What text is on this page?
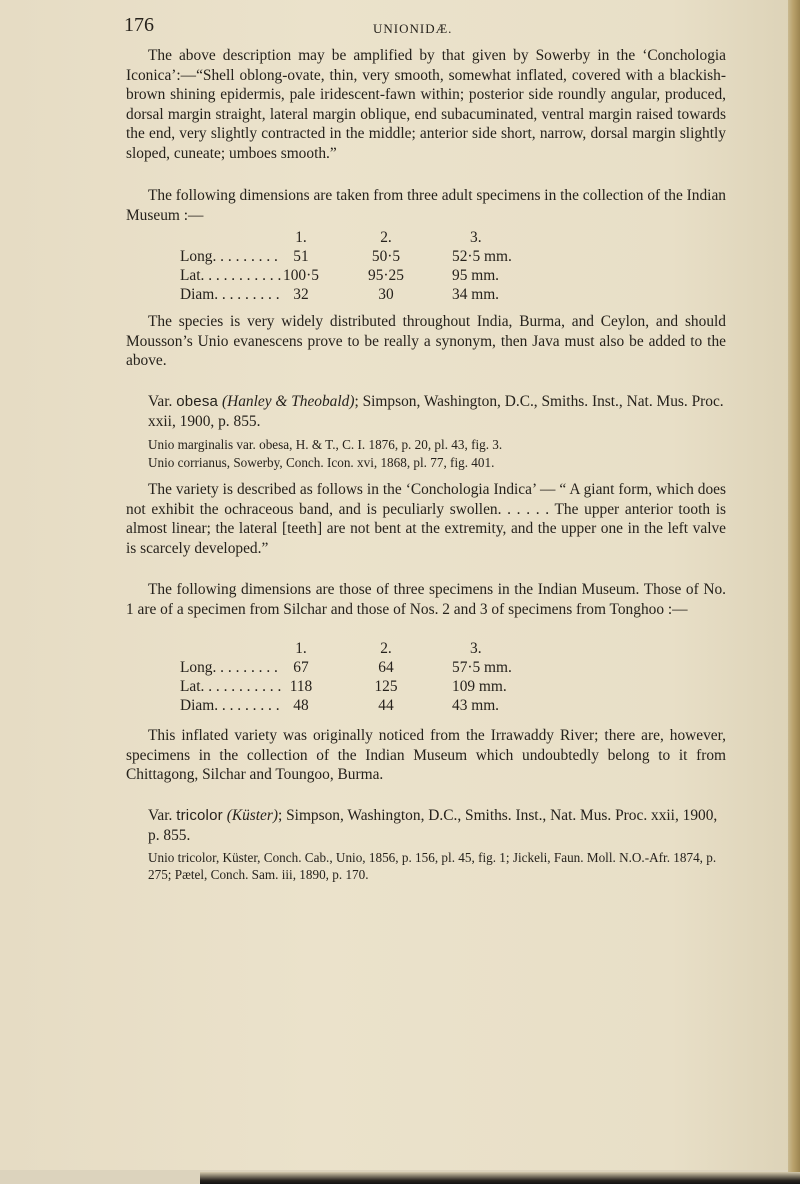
176	UNIONIDÆ.

The above description may be amplified by that given by Sowerby in the ‘Conchologia Iconica’:—“Shell oblong-ovate, thin, very smooth, somewhat inflated, covered with a blackish-brown shining epidermis, pale iridescent-fawn within; posterior side roundly angular, produced, dorsal margin straight, lateral margin oblique, end subacuminated, ventral margin raised towards the end, very slightly contracted in the middle; anterior side short, narrow, dorsal margin slightly sloped, cuneate; umboes smooth.”

The following dimensions are taken from three adult specimens in the collection of the Indian Museum :—

1.	2.	3.
Long. . . . . . . . . 51	50·5	52·5 mm.
Lat. . . . . . . . . . . 100·5	95·25	95 mm.
Diam. . . . . . . . . 32	30	34 mm.

The species is very widely distributed throughout India, Burma, and Ceylon, and should Mousson’s Unio evanescens prove to be really a synonym, then Java must also be added to the above.

Var. obesa (Hanley & Theobald); Simpson, Washington, D.C., Smiths. Inst., Nat. Mus. Proc. xxii, 1900, p. 855.

Unio marginalis var. obesa, H. & T., C. I. 1876, p. 20, pl. 43, fig. 3.

Unio corrianus, Sowerby, Conch. Icon. xvi, 1868, pl. 77, fig. 401.

The variety is described as follows in the ‘Conchologia Indica’ — “ A giant form, which does not exhibit the ochraceous band, and is peculiarly swollen. . . . . . The upper anterior tooth is almost linear; the lateral [teeth] are not bent at the extremity, and the upper one in the left valve is scarcely developed.”

The following dimensions are those of three specimens in the Indian Museum. Those of No. 1 are of a specimen from Silchar and those of Nos. 2 and 3 of specimens from Tonghoo :—

1.	2.	3.
Long. . . . . . . . . 67	64	57·5 mm.
Lat. . . . . . . . . . . 118	125	109 mm.
Diam. . . . . . . . . 48	44	43 mm.

This inflated variety was originally noticed from the Irrawaddy River; there are, however, specimens in the collection of the Indian Museum which undoubtedly belong to it from Chittagong, Silchar and Toungoo, Burma.

Var. tricolor (Küster); Simpson, Washington, D.C., Smiths. Inst., Nat. Mus. Proc. xxii, 1900, p. 855.

Unio tricolor, Küster, Conch. Cab., Unio, 1856, p. 156, pl. 45, fig. 1; Jickeli, Faun. Moll. N.O.-Afr. 1874, p. 275; Pætel, Conch. Sam. iii, 1890, p. 170.
